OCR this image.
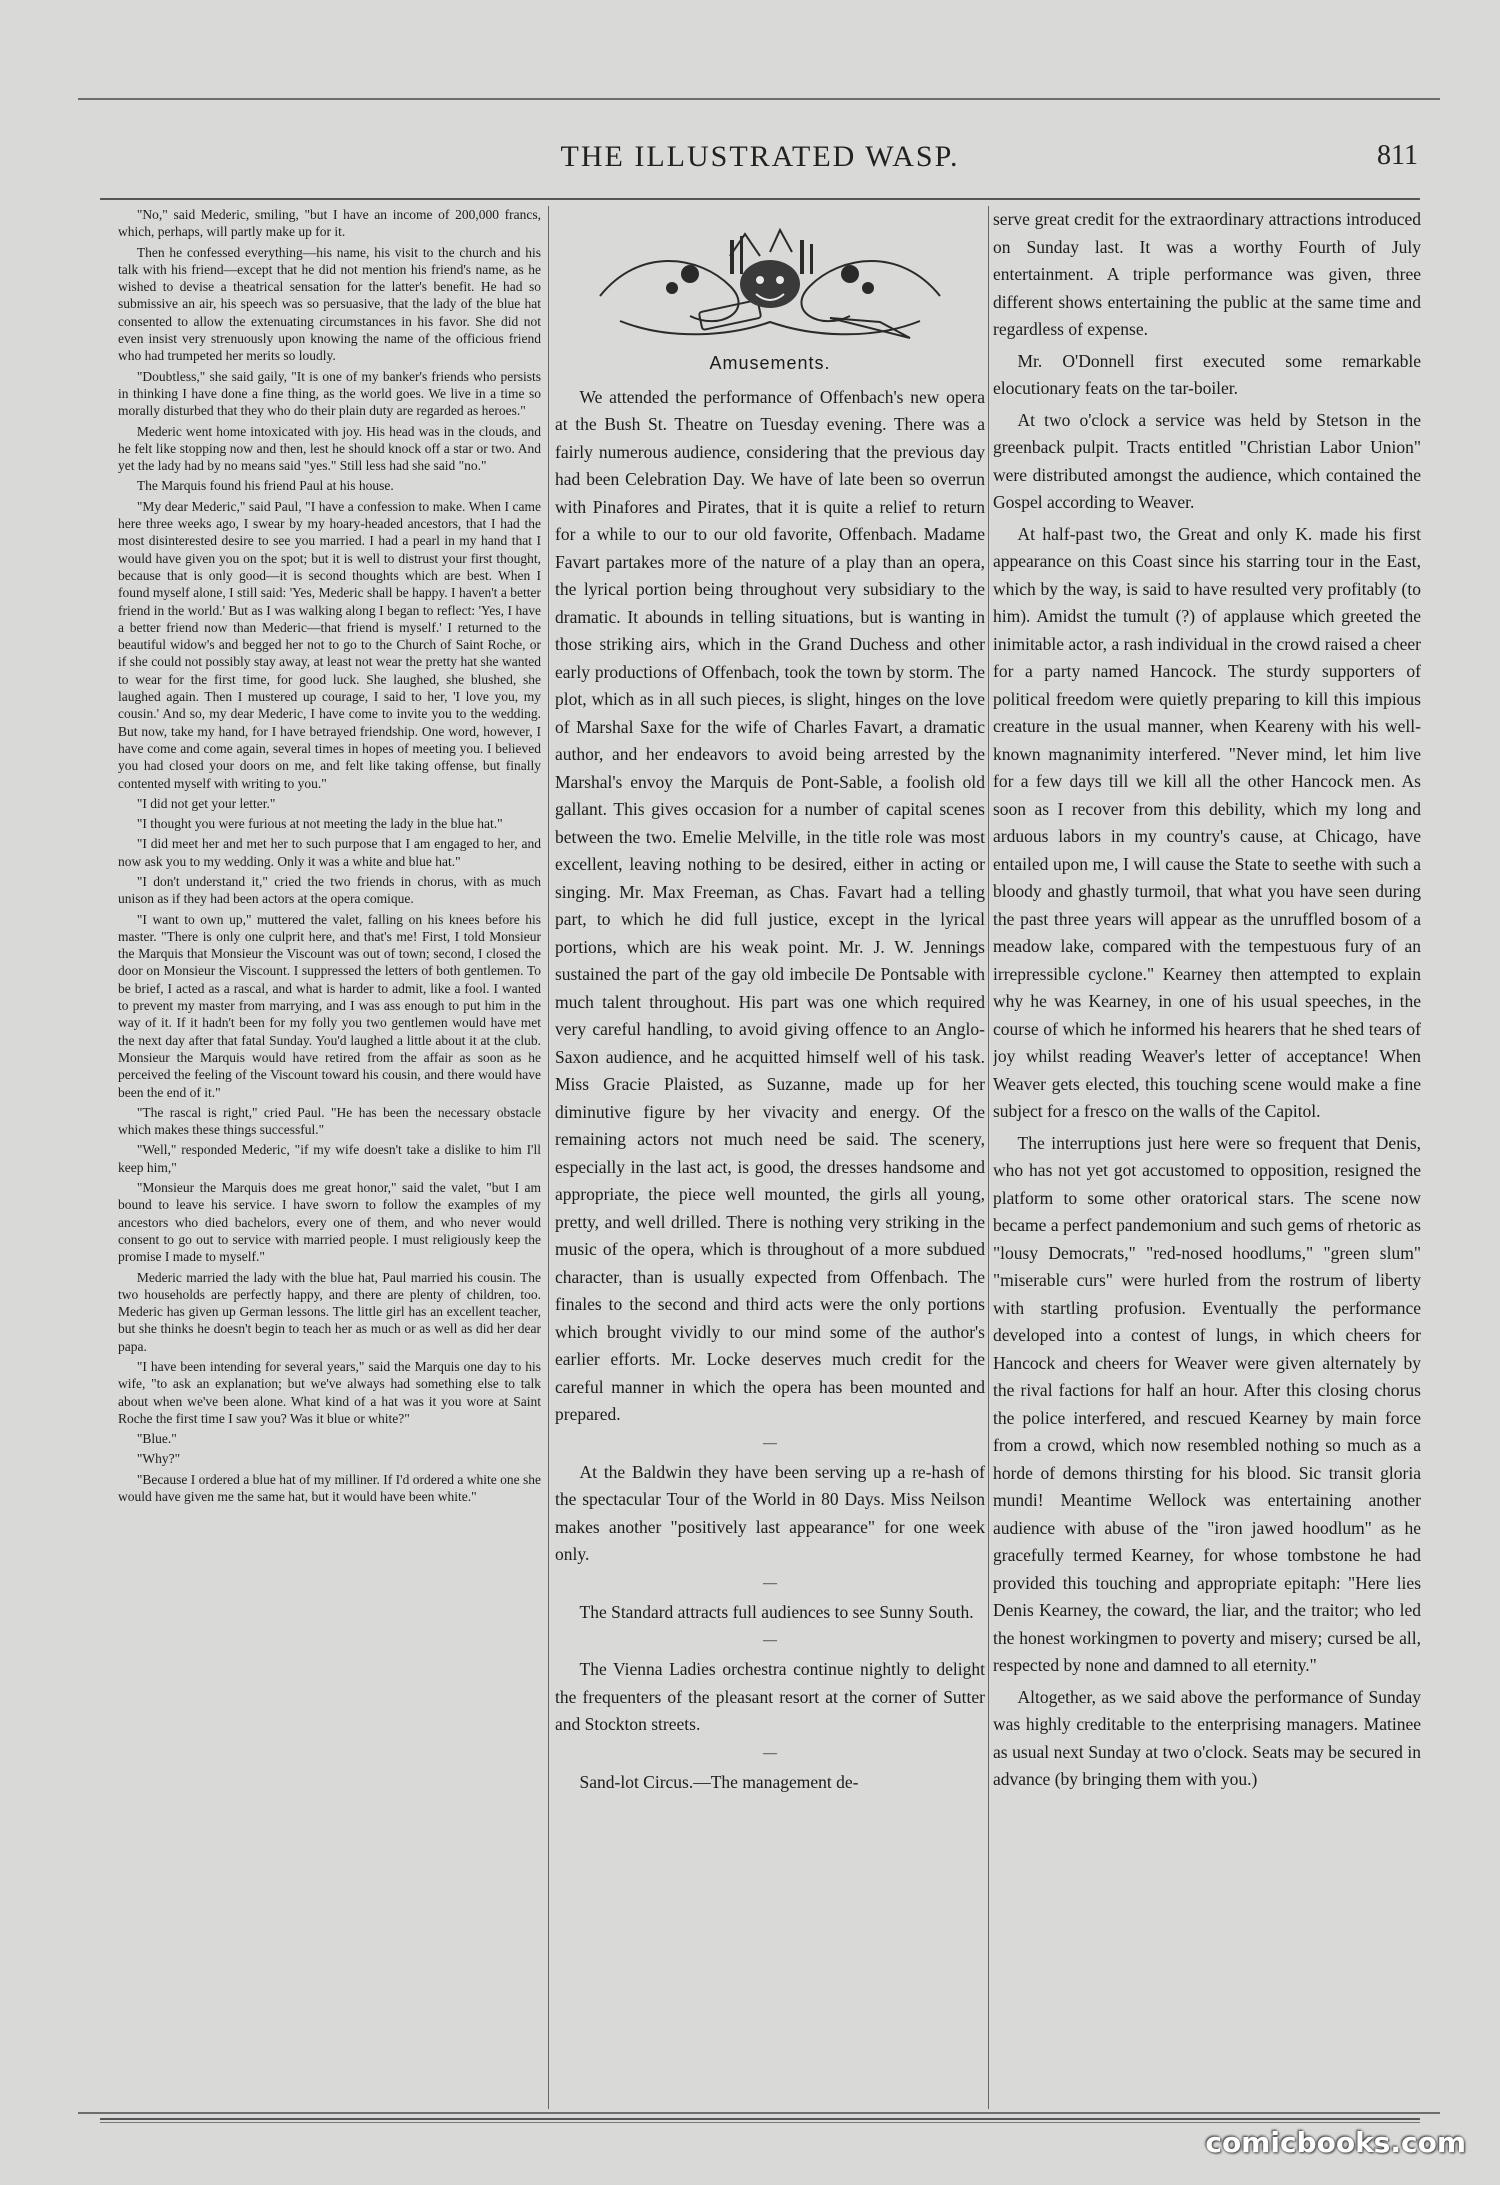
THE ILLUSTRATED WASP.	811

"No," said Mederic, smiling, "but I have an income of 200,000 francs, which, perhaps, will partly make up for it.

Then he confessed everything—his name, his visit to the church and his talk with his friend—except that he did not mention his friend's name, as he wished to devise a theatrical sensation for the latter's benefit. He had so submissive an air, his speech was so persuasive, that the lady of the blue hat consented to allow the extenuating circumstances in his favor. She did not even insist very strenuously upon knowing the name of the officious friend who had trumpeted her merits so loudly.

"Doubtless," she said gaily, "It is one of my banker's friends who persists in thinking I have done a fine thing, as the world goes. We live in a time so morally disturbed that they who do their plain duty are regarded as heroes."

Mederic went home intoxicated with joy. His head was in the clouds, and he felt like stopping now and then, lest he should knock off a star or two. And yet the lady had by no means said "yes." Still less had she said "no."

The Marquis found his friend Paul at his house.

"My dear Mederic," said Paul, "I have a confession to make. When I came here three weeks ago, I swear by my hoary-headed ancestors, that I had the most disinterested desire to see you married. I had a pearl in my hand that I would have given you on the spot; but it is well to distrust your first thought, because that is only good—it is second thoughts which are best. When I found myself alone, I still said: 'Yes, Mederic shall be happy. I haven't a better friend in the world.' But as I was walking along I began to reflect: 'Yes, I have a better friend now than Mederic—that friend is myself.' I returned to the beautiful widow's and begged her not to go to the Church of Saint Roche, or if she could not possibly stay away, at least not wear the pretty hat she wanted to wear for the first time, for good luck. She laughed, she blushed, she laughed again. Then I mustered up courage, I said to her, 'I love you, my cousin.' And so, my dear Mederic, I have come to invite you to the wedding. But now, take my hand, for I have betrayed friendship. One word, however, I have come and come again, several times in hopes of meeting you. I believed you had closed your doors on me, and felt like taking offense, but finally contented myself with writing to you."

"I did not get your letter."

"I thought you were furious at not meeting the lady in the blue hat."

"I did meet her and met her to such purpose that I am engaged to her, and now ask you to my wedding. Only it was a white and blue hat."

"I don't understand it," cried the two friends in chorus, with as much unison as if they had been actors at the opera comique.

"I want to own up," muttered the valet, falling on his knees before his master. "There is only one culprit here, and that's me! First, I told Monsieur the Marquis that Monsieur the Viscount was out of town; second, I closed the door on Monsieur the Viscount. I suppressed the letters of both gentlemen. To be brief, I acted as a rascal, and what is harder to admit, like a fool. I wanted to prevent my master from marrying, and I was ass enough to put him in the way of it. If it hadn't been for my folly you two gentlemen would have met the next day after that fatal Sunday. You'd laughed a little about it at the club. Monsieur the Marquis would have retired from the affair as soon as he perceived the feeling of the Viscount toward his cousin, and there would have been the end of it."

"The rascal is right," cried Paul. "He has been the necessary obstacle which makes these things successful."

"Well," responded Mederic, "if my wife doesn't take a dislike to him I'll keep him,"

"Monsieur the Marquis does me great honor," said the valet, "but I am bound to leave his service. I have sworn to follow the examples of my ancestors who died bachelors, every one of them, and who never would consent to go out to service with married people. I must religiously keep the promise I made to myself."

Mederic married the lady with the blue hat, Paul married his cousin. The two households are perfectly happy, and there are plenty of children, too. Mederic has given up German lessons. The little girl has an excellent teacher, but she thinks he doesn't begin to teach her as much or as well as did her dear papa.

"I have been intending for several years," said the Marquis one day to his wife, "to ask an explanation; but we've always had something else to talk about when we've been alone. What kind of a hat was it you wore at Saint Roche the first time I saw you? Was it blue or white?"

"Blue."

"Why?"

"Because I ordered a blue hat of my milliner. If I'd ordered a white one she would have given me the same hat, but it would have been white."

Amusements.

We attended the performance of Offenbach's new opera at the Bush St. Theatre on Tuesday evening. There was a fairly numerous audience, considering that the previous day had been Celebration Day. We have of late been so overrun with Pinafores and Pirates, that it is quite a relief to return for a while to our to our old favorite, Offenbach. Madame Favart partakes more of the nature of a play than an opera, the lyrical portion being throughout very subsidiary to the dramatic. It abounds in telling situations, but is wanting in those striking airs, which in the Grand Duchess and other early productions of Offenbach, took the town by storm. The plot, which as in all such pieces, is slight, hinges on the love of Marshal Saxe for the wife of Charles Favart, a dramatic author, and her endeavors to avoid being arrested by the Marshal's envoy the Marquis de Pont-Sable, a foolish old gallant. This gives occasion for a number of capital scenes between the two. Emelie Melville, in the title role was most excellent, leaving nothing to be desired, either in acting or singing. Mr. Max Freeman, as Chas. Favart had a telling part, to which he did full justice, except in the lyrical portions, which are his weak point. Mr. J. W. Jennings sustained the part of the gay old imbecile De Pontsable with much talent throughout. His part was one which required very careful handling, to avoid giving offence to an Anglo-Saxon audience, and he acquitted himself well of his task. Miss Gracie Plaisted, as Suzanne, made up for her diminutive figure by her vivacity and energy. Of the remaining actors not much need be said. The scenery, especially in the last act, is good, the dresses handsome and appropriate, the piece well mounted, the girls all young, pretty, and well drilled. There is nothing very striking in the music of the opera, which is throughout of a more subdued character, than is usually expected from Offenbach. The finales to the second and third acts were the only portions which brought vividly to our mind some of the author's earlier efforts. Mr. Locke deserves much credit for the careful manner in which the opera has been mounted and prepared.

—

At the Baldwin they have been serving up a re-hash of the spectacular Tour of the World in 80 Days. Miss Neilson makes another "positively last appearance" for one week only.

—

The Standard attracts full audiences to see Sunny South.

—

The Vienna Ladies orchestra continue nightly to delight the frequenters of the pleasant resort at the corner of Sutter and Stockton streets.

—

Sand-lot Circus.—The management de-

serve great credit for the extraordinary attractions introduced on Sunday last. It was a worthy Fourth of July entertainment. A triple performance was given, three different shows entertaining the public at the same time and regardless of expense.

Mr. O'Donnell first executed some remarkable elocutionary feats on the tar-boiler.

At two o'clock a service was held by Stetson in the greenback pulpit. Tracts entitled "Christian Labor Union" were distributed amongst the audience, which contained the Gospel according to Weaver.

At half-past two, the Great and only K. made his first appearance on this Coast since his starring tour in the East, which by the way, is said to have resulted very profitably (to him). Amidst the tumult (?) of applause which greeted the inimitable actor, a rash individual in the crowd raised a cheer for a party named Hancock. The sturdy supporters of political freedom were quietly preparing to kill this impious creature in the usual manner, when Keareny with his well-known magnanimity interfered. "Never mind, let him live for a few days till we kill all the other Hancock men. As soon as I recover from this debility, which my long and arduous labors in my country's cause, at Chicago, have entailed upon me, I will cause the State to seethe with such a bloody and ghastly turmoil, that what you have seen during the past three years will appear as the unruffled bosom of a meadow lake, compared with the tempestuous fury of an irrepressible cyclone." Kearney then attempted to explain why he was Kearney, in one of his usual speeches, in the course of which he informed his hearers that he shed tears of joy whilst reading Weaver's letter of acceptance! When Weaver gets elected, this touching scene would make a fine subject for a fresco on the walls of the Capitol.

The interruptions just here were so frequent that Denis, who has not yet got accustomed to opposition, resigned the platform to some other oratorical stars. The scene now became a perfect pandemonium and such gems of rhetoric as "lousy Democrats," "red-nosed hoodlums," "green slum" "miserable curs" were hurled from the rostrum of liberty with startling profusion. Eventually the performance developed into a contest of lungs, in which cheers for Hancock and cheers for Weaver were given alternately by the rival factions for half an hour. After this closing chorus the police interfered, and rescued Kearney by main force from a crowd, which now resembled nothing so much as a horde of demons thirsting for his blood. Sic transit gloria mundi! Meantime Wellock was entertaining another audience with abuse of the "iron jawed hoodlum" as he gracefully termed Kearney, for whose tombstone he had provided this touching and appropriate epitaph: "Here lies Denis Kearney, the coward, the liar, and the traitor; who led the honest workingmen to poverty and misery; cursed be all, respected by none and damned to all eternity."

Altogether, as we said above the performance of Sunday was highly creditable to the enterprising managers. Matinee as usual next Sunday at two o'clock. Seats may be secured in advance (by bringing them with you.)

comicbooks.com
